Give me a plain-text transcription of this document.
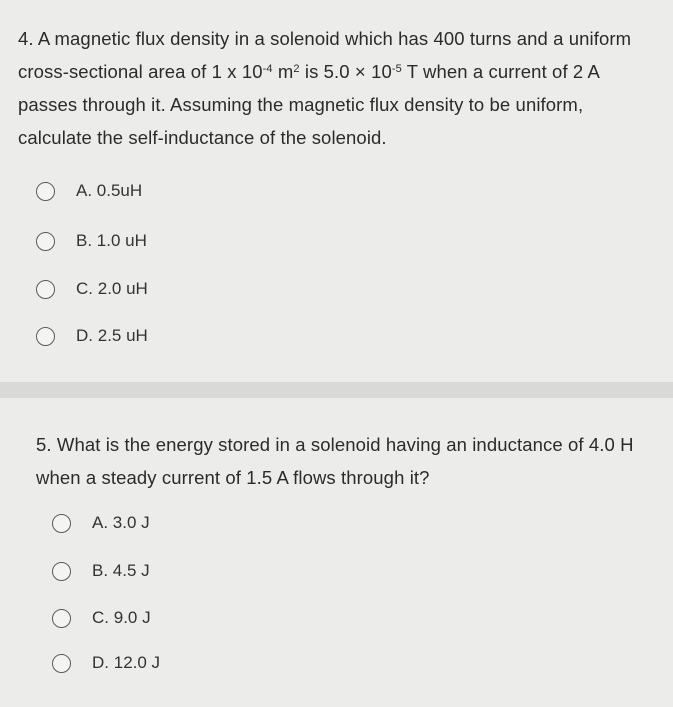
4. A magnetic flux density in a solenoid which has 400 turns and a uniform
cross-sectional area of 1 x $10^{-4}$ $m^2$ is $5.0 \times 10^{-5}$ T when a current of 2 A
passes through it. Assuming the magnetic flux density to be uniform,
calculate the self-inductance of the solenoid.
A. 0.5uH
B. 1.0 uH
C. 2.0 uH
D. 2.5 uH
5. What is the energy stored in a solenoid having an inductance of 4.0 H
when a steady current of 1.5 A flows through it?
A. 3.0 J
B. 4.5 J
C. 9.0 J
D. 12.0 J
